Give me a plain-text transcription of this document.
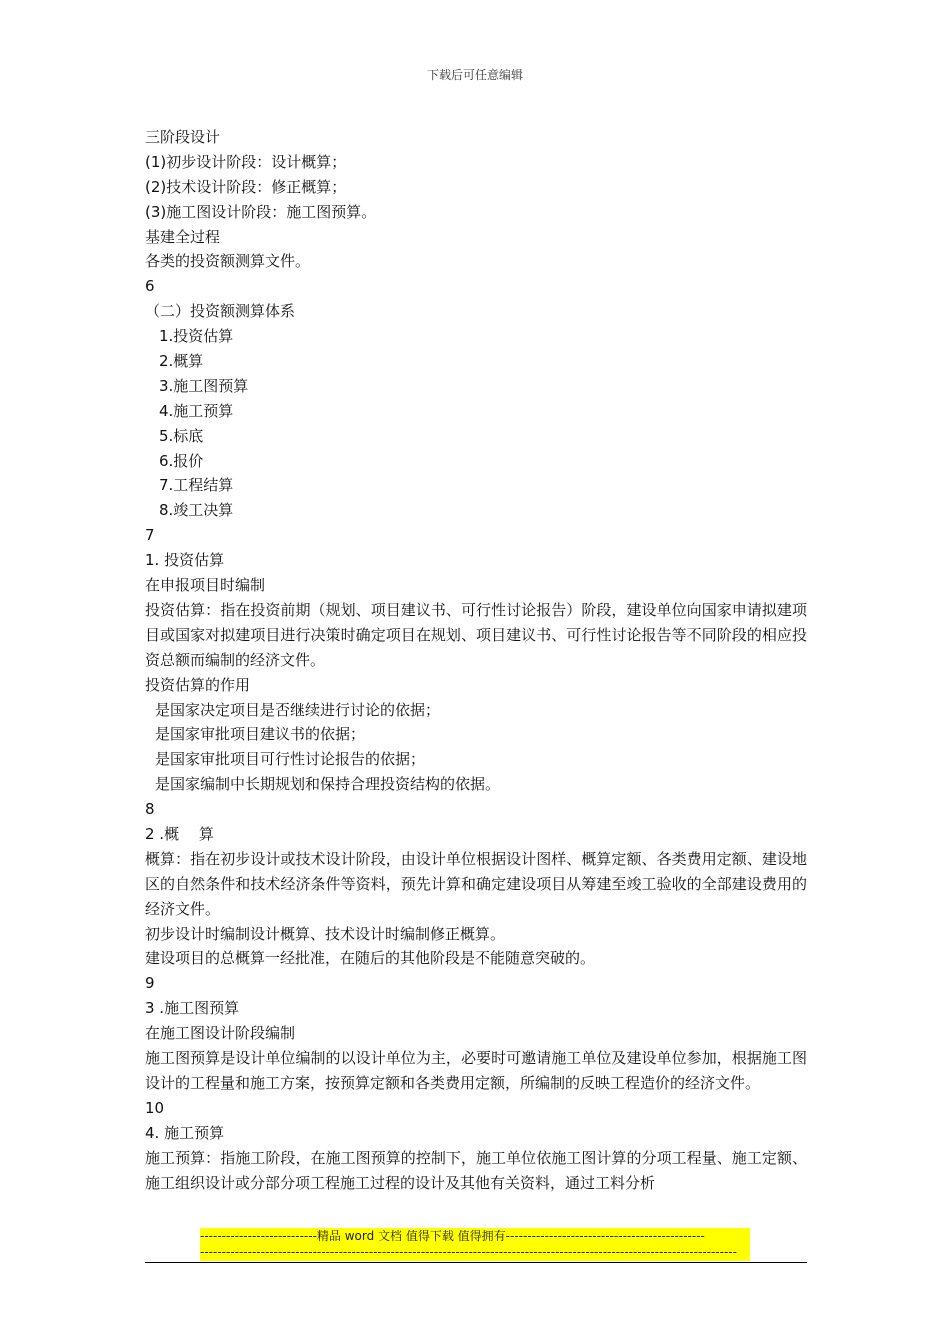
下载后可任意编辑
三阶段设计
(1)初步设计阶段：设计概算；
(2)技术设计阶段：修正概算；
(3)施工图设计阶段：施工图预算。
基建全过程
各类的投资额测算文件。
6
（二）投资额测算体系
1.投资估算
2.概算
3.施工图预算
4.施工预算
5.标底
6.报价
7.工程结算
8.竣工决算
7
1. 投资估算
在申报项目时编制
投资估算：指在投资前期（规划、项目建议书、可行性讨论报告）阶段，建设单位向国家申请拟建项目或国家对拟建项目进行决策时确定项目在规划、项目建议书、可行性讨论报告等不同阶段的相应投资总额而编制的经济文件。
投资估算的作用
是国家决定项目是否继续进行讨论的依据；
是国家审批项目建议书的依据；
是国家审批项目可行性讨论报告的依据；
是国家编制中长期规划和保持合理投资结构的依据。
8
2 .概　 算
概算：指在初步设计或技术设计阶段，由设计单位根据设计图样、概算定额、各类费用定额、建设地区的自然条件和技术经济条件等资料，预先计算和确定建设项目从筹建至竣工验收的全部建设费用的经济文件。
初步设计时编制设计概算、技术设计时编制修正概算。
建设项目的总概算一经批准，在随后的其他阶段是不能随意突破的。
9
3 .施工图预算
在施工图设计阶段编制
施工图预算是设计单位编制的以设计单位为主，必要时可邀请施工单位及建设单位参加，根据施工图设计的工程量和施工方案，按预算定额和各类费用定额，所编制的反映工程造价的经济文件。
10
4. 施工预算
施工预算：指施工阶段，在施工图预算的控制下，施工单位依施工图计算的分项工程量、施工定额、施工组织设计或分部分项工程施工过程的设计及其他有关资料，通过工料分析
---------------------------精品 word 文档 值得下载 值得拥有----------------------------------------------
----------------------------------------------------------------------------------------------------------------------------
